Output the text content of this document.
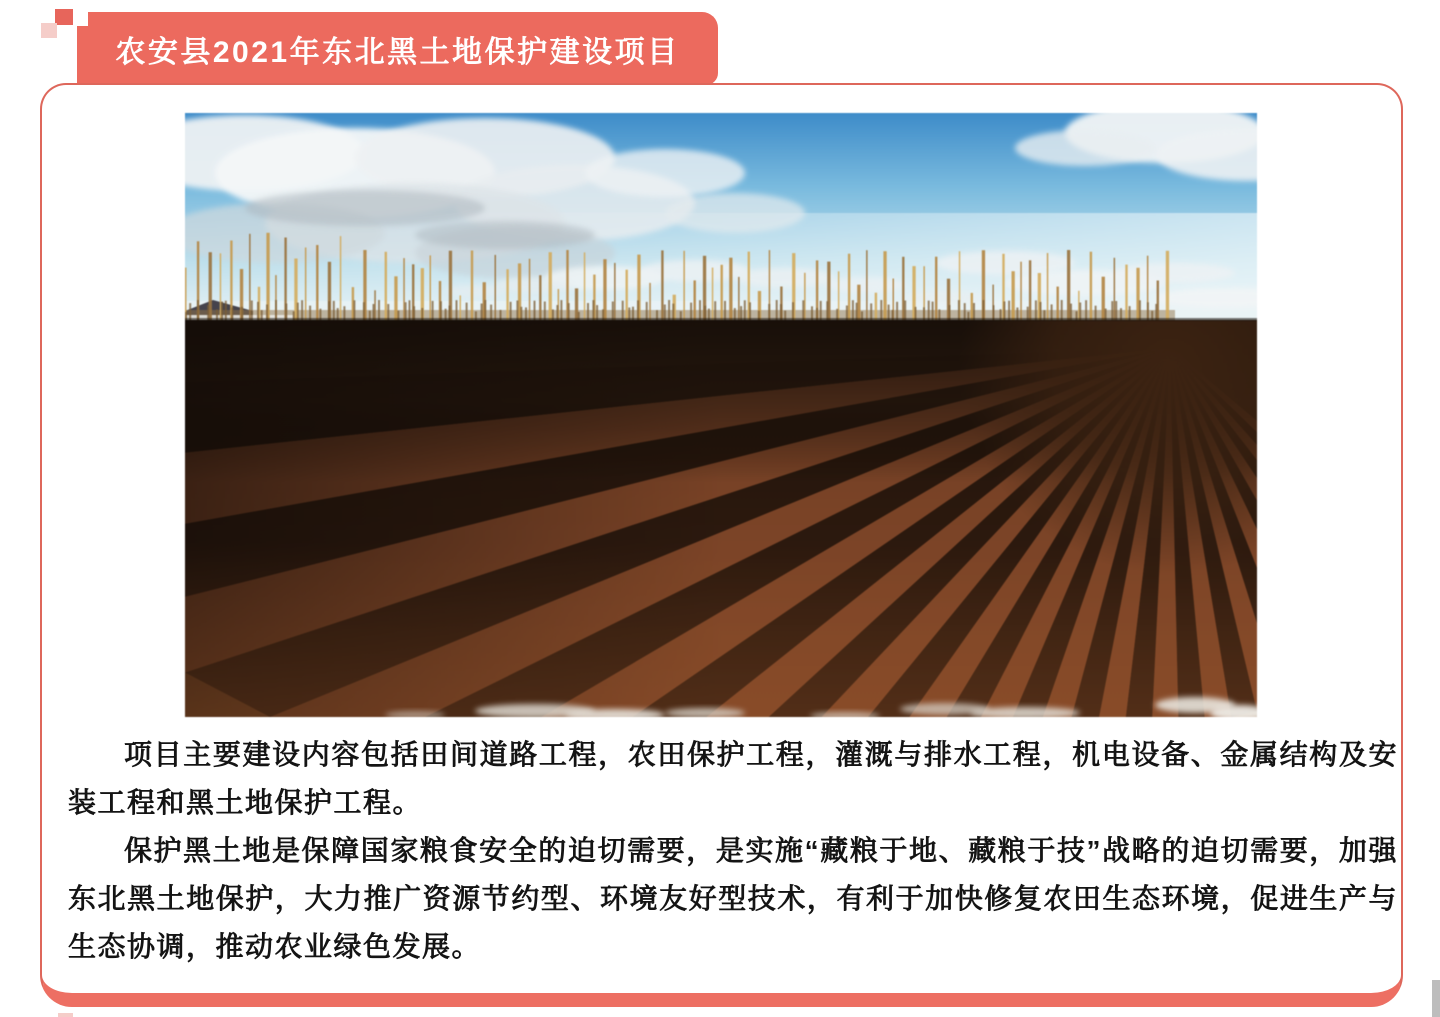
农安县2021年东北黑土地保护建设项目

项目主要建设内容包括田间道路工程，农田保护工程，灌溉与排水工程，机电设备、金属结构及安装工程和黑土地保护工程。

保护黑土地是保障国家粮食安全的迫切需要，是实施“藏粮于地、藏粮于技”战略的迫切需要，加强东北黑土地保护，大力推广资源节约型、环境友好型技术，有利于加快修复农田生态环境，促进生产与生态协调，推动农业绿色发展。
